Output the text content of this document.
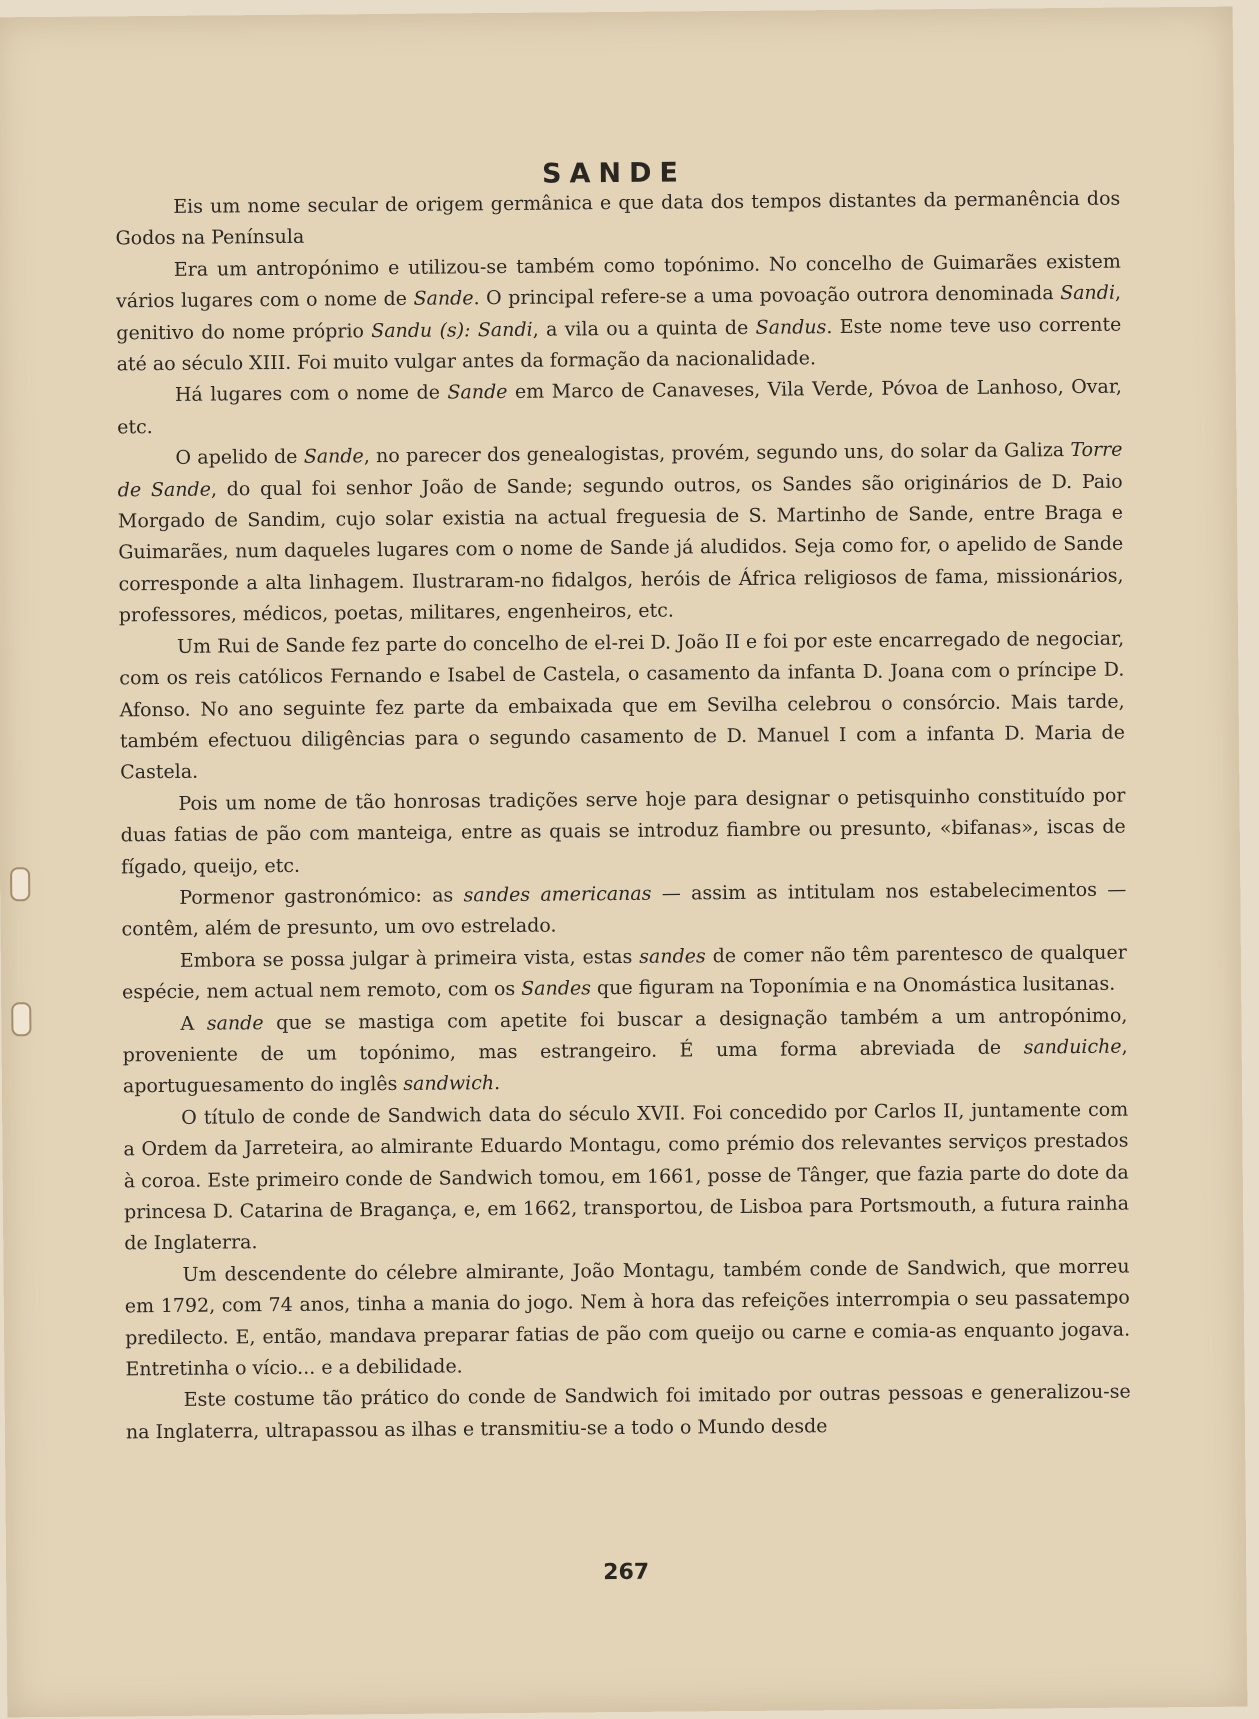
SANDE

Eis um nome secular de origem germânica e que data dos tempos distantes da permanência dos Godos na Península

Era um antropónimo e utilizou-se também como topónimo. No concelho de Guimarães existem vários lugares com o nome de Sande. O principal refere-se a uma povoação outrora denominada Sandi, genitivo do nome próprio Sandu (s): Sandi, a vila ou a quinta de Sandus. Este nome teve uso corrente até ao século XIII. Foi muito vulgar antes da formação da nacionalidade.

Há lugares com o nome de Sande em Marco de Canaveses, Vila Verde, Póvoa de Lanhoso, Ovar, etc.

O apelido de Sande, no parecer dos genealogistas, provém, segundo uns, do solar da Galiza Torre de Sande, do qual foi senhor João de Sande; segundo outros, os Sandes são originários de D. Paio Morgado de Sandim, cujo solar existia na actual freguesia de S. Martinho de Sande, entre Braga e Guimarães, num daqueles lugares com o nome de Sande já aludidos. Seja como for, o apelido de Sande corresponde a alta linhagem. Ilustraram-no fidalgos, heróis de África religiosos de fama, missionários, professores, médicos, poetas, militares, engenheiros, etc.

Um Rui de Sande fez parte do concelho de el-rei D. João II e foi por este encarregado de negociar, com os reis católicos Fernando e Isabel de Castela, o casamento da infanta D. Joana com o príncipe D. Afonso. No ano seguinte fez parte da embaixada que em Sevilha celebrou o consórcio. Mais tarde, também efectuou diligências para o segundo casamento de D. Manuel I com a infanta D. Maria de Castela.

Pois um nome de tão honrosas tradições serve hoje para designar o petisquinho constituído por duas fatias de pão com manteiga, entre as quais se introduz fiambre ou presunto, «bifanas», iscas de fígado, queijo, etc.

Pormenor gastronómico: as sandes americanas — assim as intitulam nos estabelecimentos — contêm, além de presunto, um ovo estrelado.

Embora se possa julgar à primeira vista, estas sandes de comer não têm parentesco de qualquer espécie, nem actual nem remoto, com os Sandes que figuram na Toponímia e na Onomástica lusitanas.

A sande que se mastiga com apetite foi buscar a designação também a um antropónimo, proveniente de um topónimo, mas estrangeiro. É uma forma abreviada de sanduiche, aportuguesamento do inglês sandwich.

O título de conde de Sandwich data do século XVII. Foi concedido por Carlos II, juntamente com a Ordem da Jarreteira, ao almirante Eduardo Montagu, como prémio dos relevantes serviços prestados à coroa. Este primeiro conde de Sandwich tomou, em 1661, posse de Tânger, que fazia parte do dote da princesa D. Catarina de Bragança, e, em 1662, transportou, de Lisboa para Portsmouth, a futura rainha de Inglaterra.

Um descendente do célebre almirante, João Montagu, também conde de Sandwich, que morreu em 1792, com 74 anos, tinha a mania do jogo. Nem à hora das refeições interrompia o seu passatempo predilecto. E, então, mandava preparar fatias de pão com queijo ou carne e comia-as enquanto jogava. Entretinha o vício... e a debilidade.

Este costume tão prático do conde de Sandwich foi imitado por outras pessoas e generalizou-se na Inglaterra, ultrapassou as ilhas e transmitiu-se a todo o Mundo desde

267
